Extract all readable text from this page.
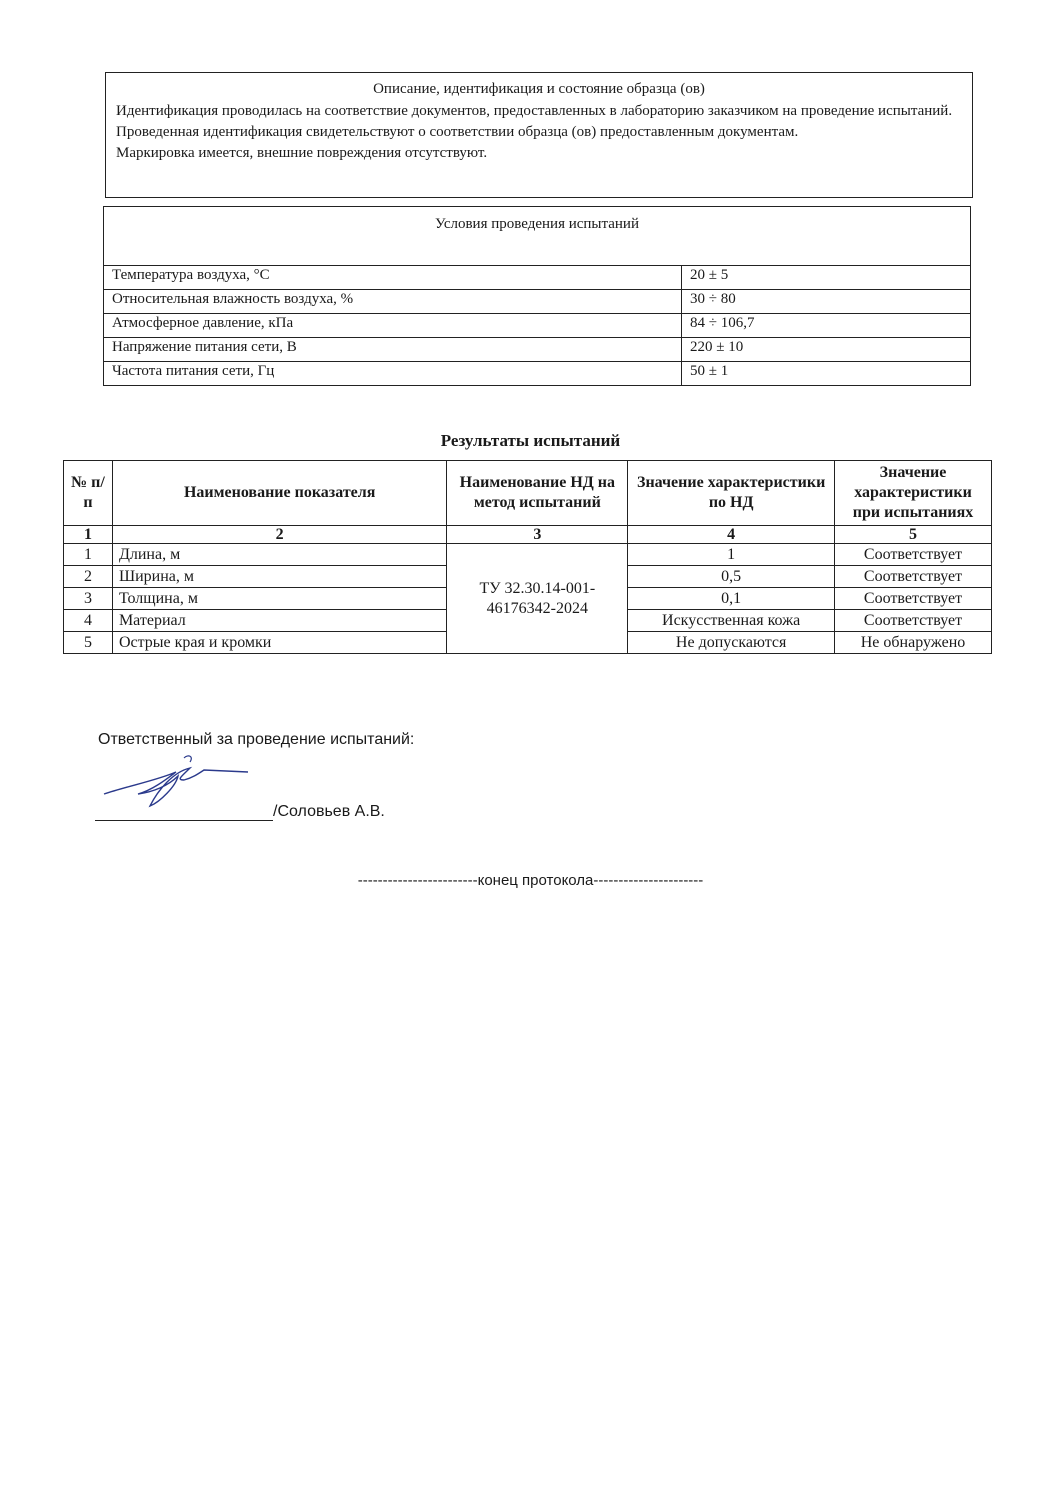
Описание, идентификация и состояние образца (ов)
Идентификация проводилась на соответствие документов, предоставленных в лабораторию заказчиком на проведение испытаний.
Проведенная идентификация свидетельствуют о соответствии образца (ов) предоставленным документам.
Маркировка имеется, внешние повреждения отсутствуют.
Условия проведения испытаний	
Температура воздуха, °С	20 ± 5
Относительная влажность воздуха, %	30 ÷ 80
Атмосферное давление, кПа	84 ÷ 106,7
Напряжение питания сети, В	220 ± 10
Частота питания сети, Гц	50 ± 1
Результаты испытаний
№ п/п	Наименование показателя	Наименование НД на метод испытаний	Значение характеристики по НД	Значение характеристики при испытаниях
1	2	3	4	5
1	Длина, м	ТУ 32.30.14-001-46176342-2024	1	Соответствует
2	Ширина, м		0,5	Соответствует
3	Толщина, м		0,1	Соответствует
4	Материал		Искусственная кожа	Соответствует
5	Острые края и кромки		Не допускаются	Не обнаружено
Ответственный за проведение испытаний:
/Соловьев А.В.
------------------------конец протокола----------------------
